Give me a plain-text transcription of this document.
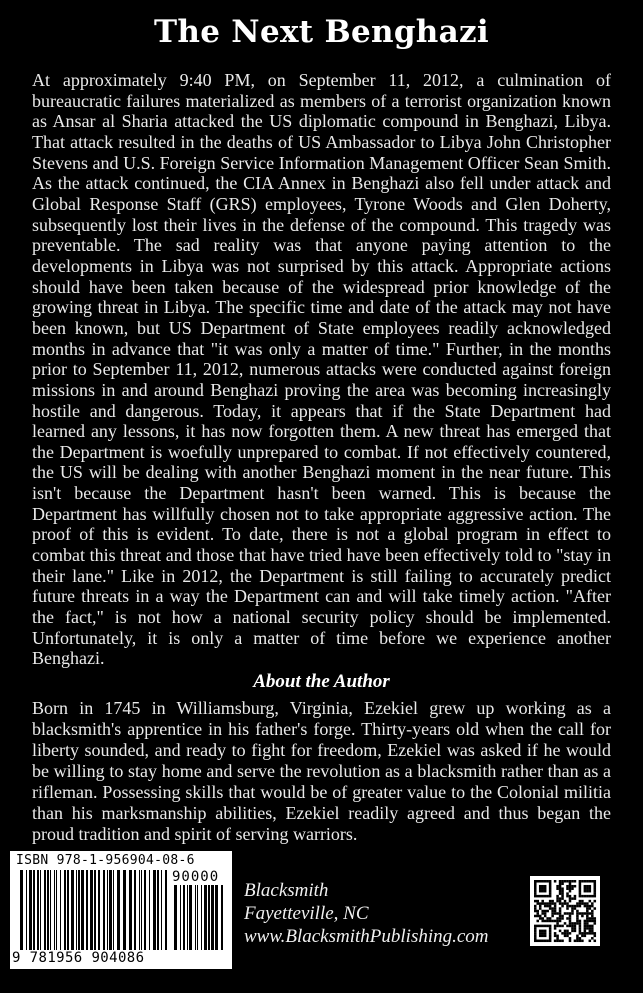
The Next Benghazi
At approximately 9:40 PM, on September 11, 2012, a culmination of bureaucratic failures materialized as members of a terrorist organization known as Ansar al Sharia attacked the US diplomatic compound in Benghazi, Libya. That attack resulted in the deaths of US Ambassador to Libya John Christopher Stevens and U.S. Foreign Service Information Management Officer Sean Smith. As the attack continued, the CIA Annex in Benghazi also fell under attack and Global Response Staff (GRS) employees, Tyrone Woods and Glen Doherty, subsequently lost their lives in the defense of the compound. This tragedy was preventable. The sad reality was that anyone paying attention to the developments in Libya was not surprised by this attack. Appropriate actions should have been taken because of the widespread prior knowledge of the growing threat in Libya. The specific time and date of the attack may not have been known, but US Department of State employees readily acknowledged months in advance that "it was only a matter of time." Further, in the months prior to September 11, 2012, numerous attacks were conducted against foreign missions in and around Benghazi proving the area was becoming increasingly hostile and dangerous. Today, it appears that if the State Department had learned any lessons, it has now forgotten them. A new threat has emerged that the Department is woefully unprepared to combat. If not effectively countered, the US will be dealing with another Benghazi moment in the near future. This isn't because the Department hasn't been warned. This is because the Department has willfully chosen not to take appropriate aggressive action. The proof of this is evident. To date, there is not a global program in effect to combat this threat and those that have tried have been effectively told to "stay in their lane." Like in 2012, the Department is still failing to accurately predict future threats in a way the Department can and will take timely action. "After the fact," is not how a national security policy should be implemented. Unfortunately, it is only a matter of time before we experience another Benghazi.
About the Author
Born in 1745 in Williamsburg, Virginia, Ezekiel grew up working as a blacksmith's apprentice in his father's forge. Thirty-years old when the call for liberty sounded, and ready to fight for freedom, Ezekiel was asked if he would be willing to stay home and serve the revolution as a blacksmith rather than as a rifleman. Possessing skills that would be of greater value to the Colonial militia than his marksmanship abilities, Ezekiel readily agreed and thus began the proud tradition and spirit of serving warriors.
ISBN 978-1-956904-08-6
90000
9 781956 904086
Blacksmith
Fayetteville, NC
www.BlacksmithPublishing.com
